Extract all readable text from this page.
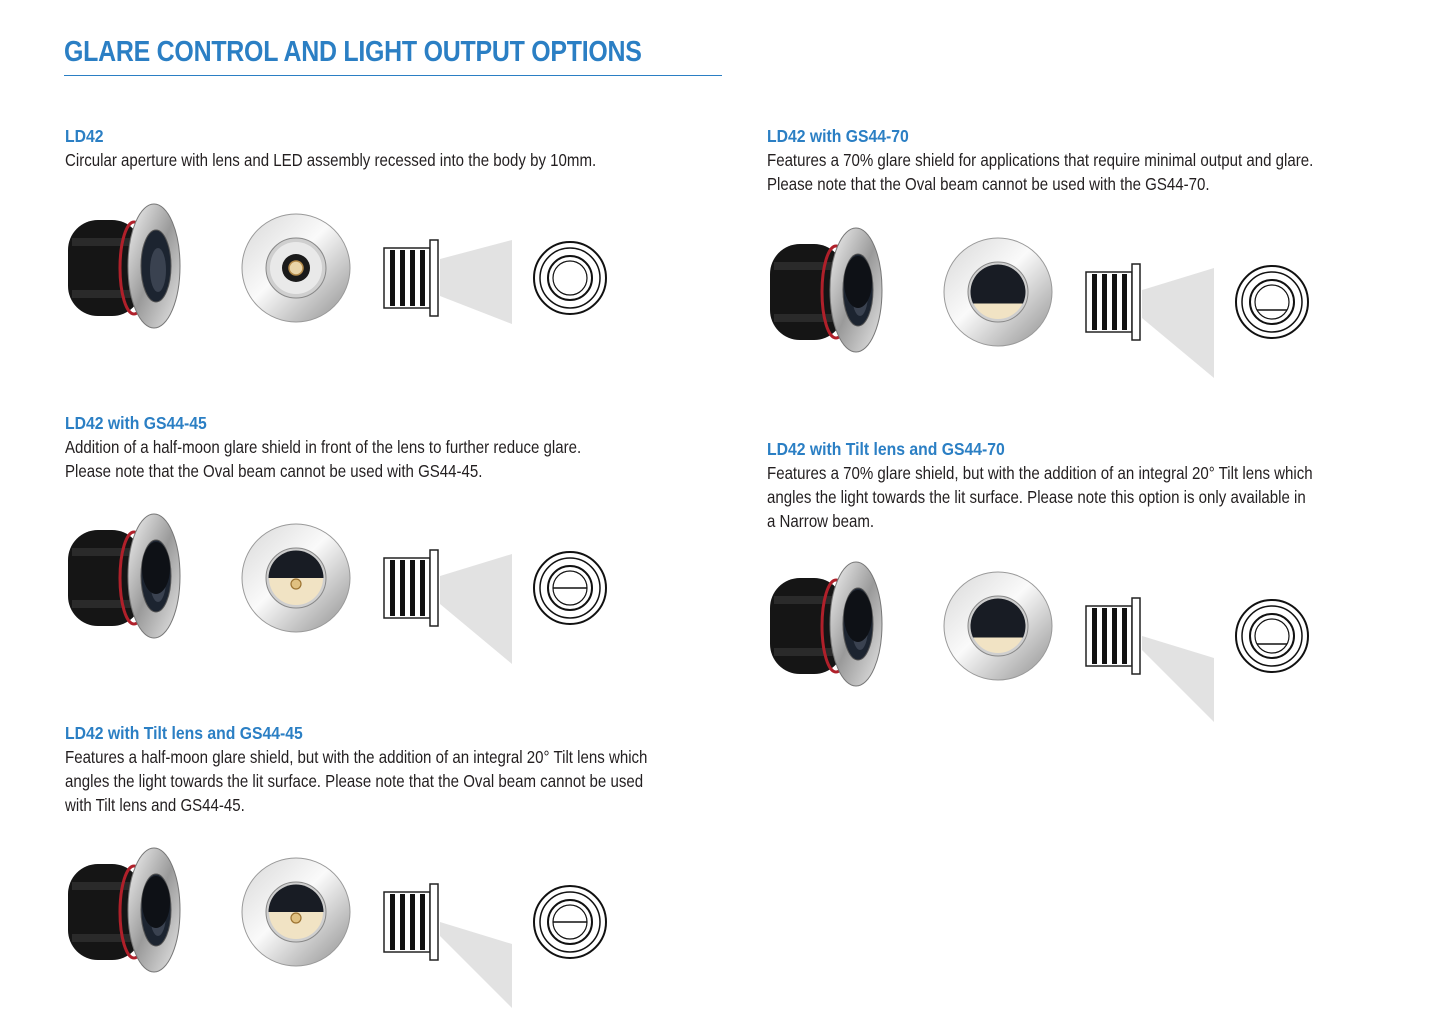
GLARE CONTROL AND LIGHT OUTPUT OPTIONS
LD42
Circular aperture with lens and LED assembly recessed into the body by 10mm.
LD42 with GS44-70
Features a 70% glare shield for applications that require minimal output and glare.
Please note that the Oval beam cannot be used with the GS44-70.
LD42 with GS44-45
Addition of a half-moon glare shield in front of the lens to further reduce glare.
Please note that the Oval beam cannot be used with GS44-45.
LD42 with Tilt lens and GS44-70
Features a 70% glare shield, but with the addition of an integral 20° Tilt lens which
angles the light towards the lit surface. Please note this option is only available in
a Narrow beam.
LD42 with Tilt lens and GS44-45
Features a half-moon glare shield, but with the addition of an integral 20° Tilt lens which
angles the light towards the lit surface. Please note that the Oval beam cannot be used
with Tilt lens and GS44-45.
